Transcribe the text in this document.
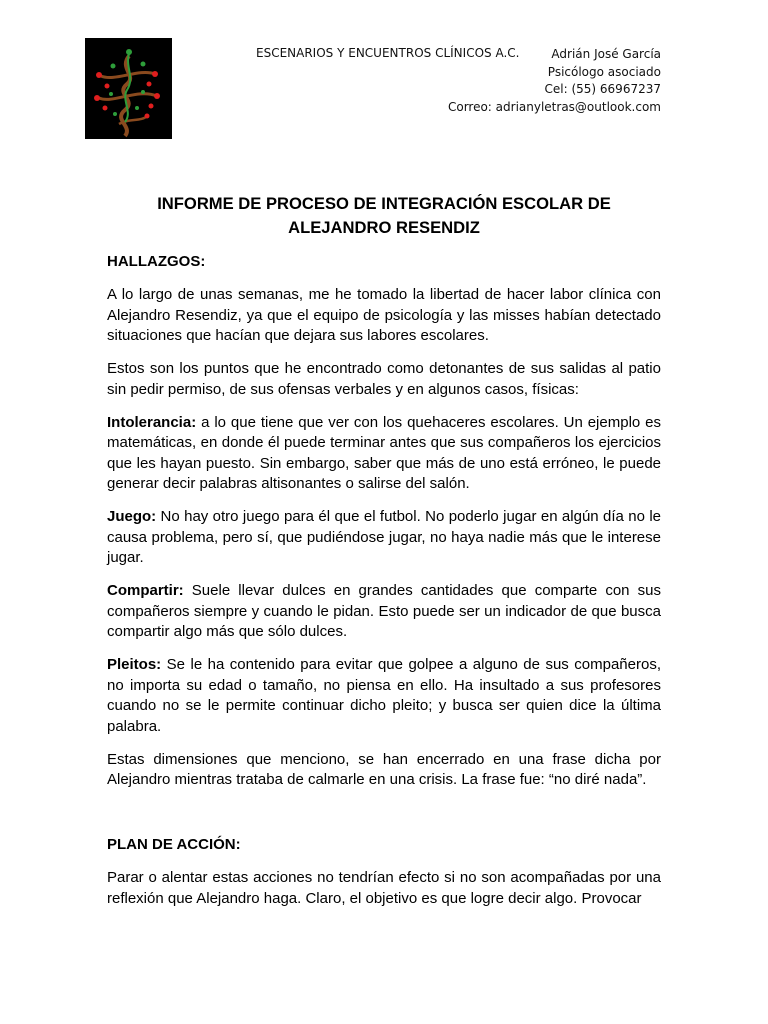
ESCENARIOS Y ENCUENTROS CLÍNICOS A.C.	Adrián José García
Psicólogo asociado
Cel: (55) 66967237
Correo: adrianyletras@outlook.com
INFORME DE PROCESO DE INTEGRACIÓN ESCOLAR DE
ALEJANDRO RESENDIZ
HALLAZGOS:

A lo largo de unas semanas, me he tomado la libertad de hacer labor clínica con Alejandro Resendiz, ya que el equipo de psicología y las misses habían detectado situaciones que hacían que dejara sus labores escolares.

Estos son los puntos que he encontrado como detonantes de sus salidas al patio sin pedir permiso, de sus ofensas verbales y en algunos casos, físicas:

Intolerancia: a lo que tiene que ver con los quehaceres escolares. Un ejemplo es matemáticas, en donde él puede terminar antes que sus compañeros los ejercicios que les hayan puesto. Sin embargo, saber que más de uno está erróneo, le puede generar decir palabras altisonantes o salirse del salón.

Juego: No hay otro juego para él que el futbol. No poderlo jugar en algún día no le causa problema, pero sí, que pudiéndose jugar, no haya nadie más que le interese jugar.

Compartir: Suele llevar dulces en grandes cantidades que comparte con sus compañeros siempre y cuando le pidan. Esto puede ser un indicador de que busca compartir algo más que sólo dulces.

Pleitos: Se le ha contenido para evitar que golpee a alguno de sus compañeros, no importa su edad o tamaño, no piensa en ello. Ha insultado a sus profesores cuando no se le permite continuar dicho pleito; y busca ser quien dice la última palabra.

Estas dimensiones que menciono, se han encerrado en una frase dicha por Alejandro mientras trataba de calmarle en una crisis. La frase fue: “no diré nada”.

PLAN DE ACCIÓN:

Parar o alentar estas acciones no tendrían efecto si no son acompañadas por una reflexión que Alejandro haga. Claro, el objetivo es que logre decir algo. Provocar
